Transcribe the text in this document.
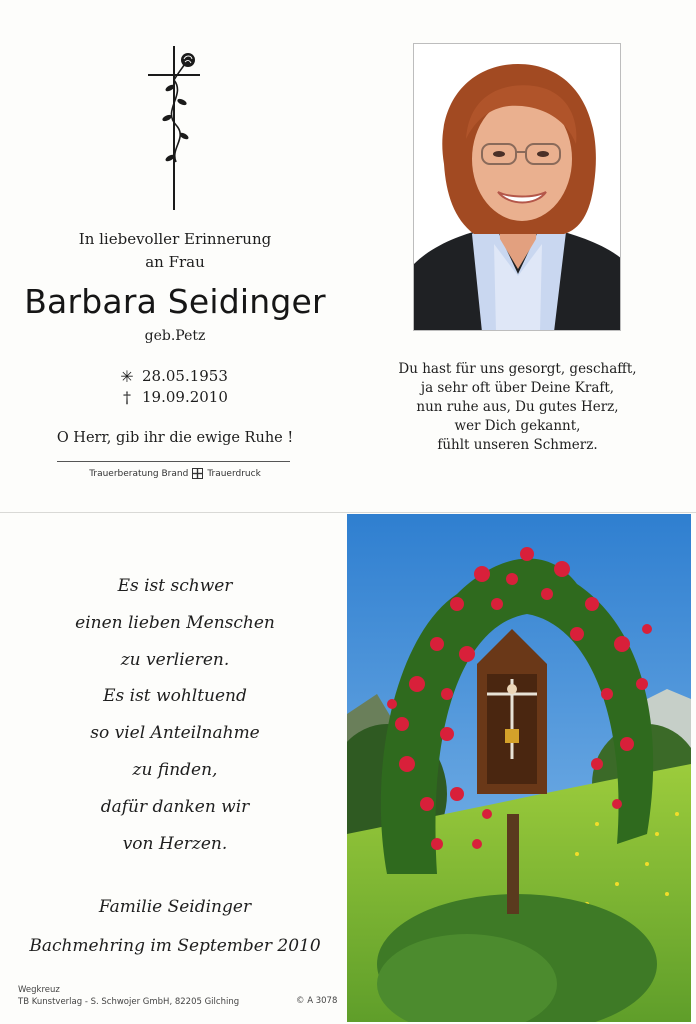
In liebevoller Erinnerung
an Frau
Barbara Seidinger
geb.Petz
✳ 28.05.1953
† 19.09.2010
O Herr, gib ihr die ewige Ruhe !
Trauerberatung Brand Trauerdruck
Du hast für uns gesorgt, geschafft,
ja sehr oft über Deine Kraft,
nun ruhe aus, Du gutes Herz,
wer Dich gekannt,
fühlt unseren Schmerz.
Es ist schwer
einen lieben Menschen
zu verlieren.
Es ist wohltuend
so viel Anteilnahme
zu finden,
dafür danken wir
von Herzen.
Familie Seidinger
Bachmehring im September 2010
Wegkreuz
TB Kunstverlag - S. Schwojer GmbH, 82205 Gilching	© A 3078
